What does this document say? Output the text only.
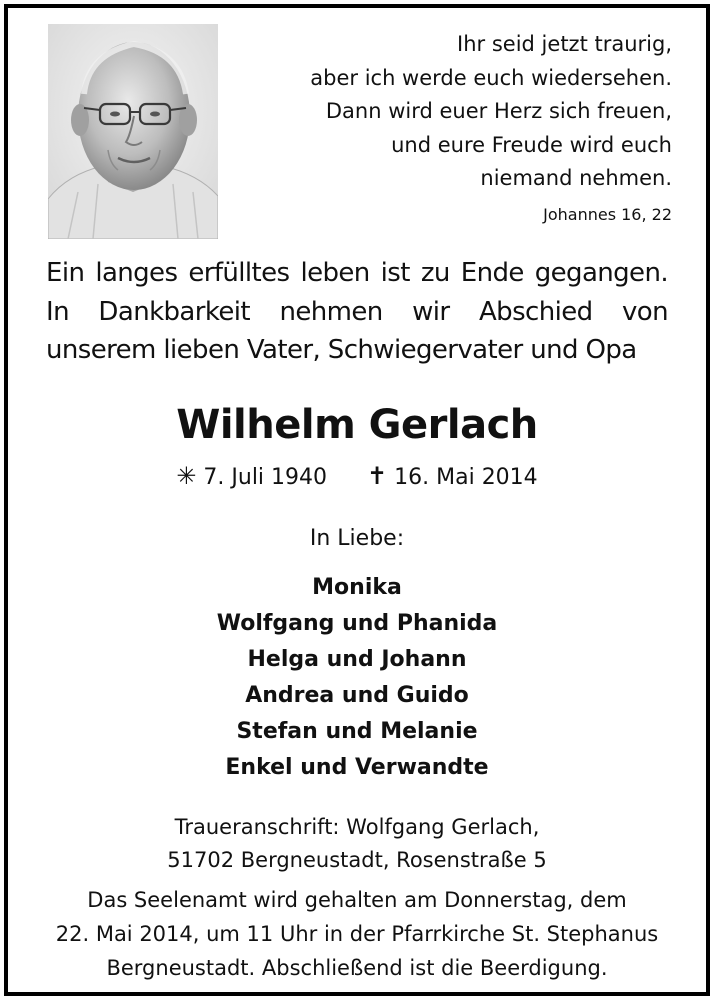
Ihr seid jetzt traurig,
aber ich werde euch wiedersehen.
Dann wird euer Herz sich freuen,
und eure Freude wird euch
niemand nehmen.
Johannes 16, 22
Ein langes erfülltes leben ist zu Ende gegangen.
In Dankbarkeit nehmen wir Abschied von
unserem lieben Vater, Schwiegervater und Opa
Wilhelm Gerlach
✳ 7. Juli 1940 ✝ 16. Mai 2014
In Liebe:
Monika
Wolfgang und Phanida
Helga und Johann
Andrea und Guido
Stefan und Melanie
Enkel und Verwandte
Traueranschrift: Wolfgang Gerlach,
51702 Bergneustadt, Rosenstraße 5
Das Seelenamt wird gehalten am Donnerstag, dem
22. Mai 2014, um 11 Uhr in der Pfarrkirche St. Stephanus
Bergneustadt. Abschließend ist die Beerdigung.
